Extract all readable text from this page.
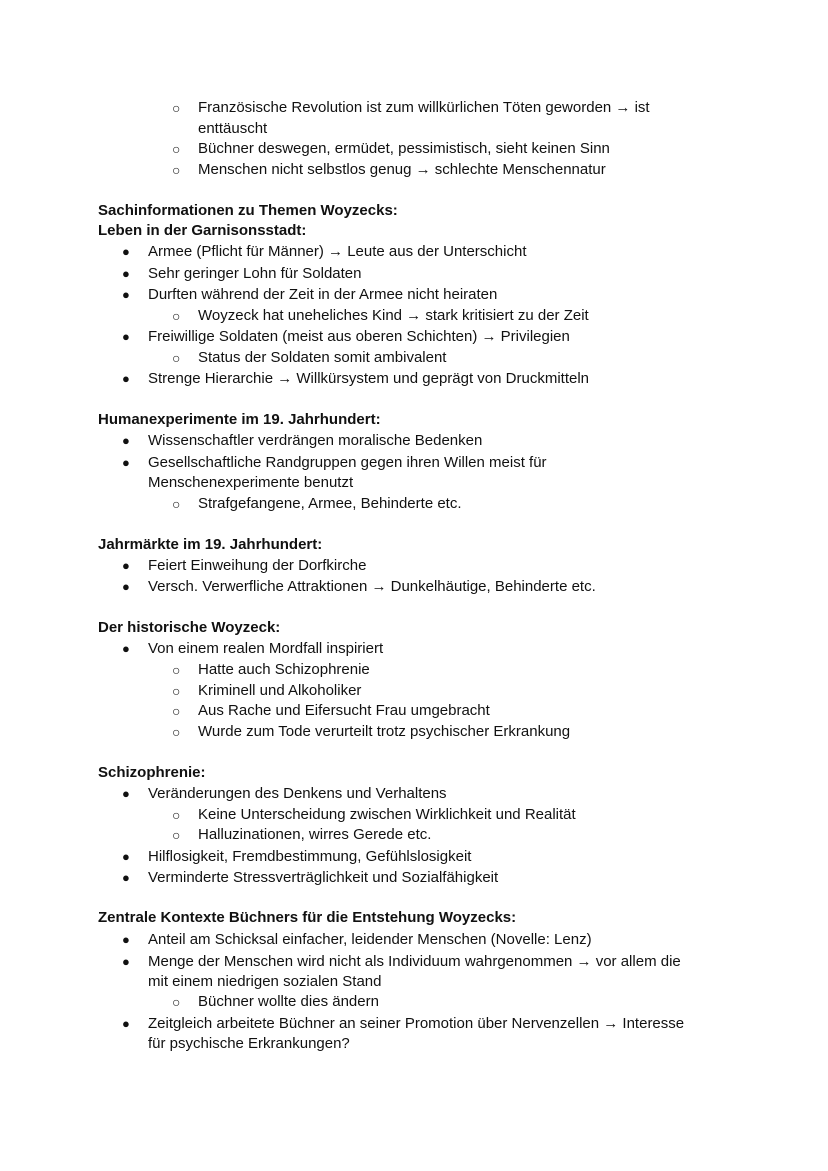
○ Französische Revolution ist zum willkürlichen Töten geworden → ist
enttäuscht
○ Büchner deswegen, ermüdet, pessimistisch, sieht keinen Sinn
○ Menschen nicht selbstlos genug → schlechte Menschennatur
Sachinformationen zu Themen Woyzecks:
Leben in der Garnisonsstadt:
● Armee (Pflicht für Männer) → Leute aus der Unterschicht
● Sehr geringer Lohn für Soldaten
● Durften während der Zeit in der Armee nicht heiraten
○ Woyzeck hat uneheliches Kind → stark kritisiert zu der Zeit
● Freiwillige Soldaten (meist aus oberen Schichten) → Privilegien
○ Status der Soldaten somit ambivalent
● Strenge Hierarchie → Willkürsystem und geprägt von Druckmitteln
Humanexperimente im 19. Jahrhundert:
● Wissenschaftler verdrängen moralische Bedenken
● Gesellschaftliche Randgruppen gegen ihren Willen meist für
Menschenexperimente benutzt
○ Strafgefangene, Armee, Behinderte etc.
Jahrmärkte im 19. Jahrhundert:
● Feiert Einweihung der Dorfkirche
● Versch. Verwerfliche Attraktionen → Dunkelhäutige, Behinderte etc.
Der historische Woyzeck:
● Von einem realen Mordfall inspiriert
○ Hatte auch Schizophrenie
○ Kriminell und Alkoholiker
○ Aus Rache und Eifersucht Frau umgebracht
○ Wurde zum Tode verurteilt trotz psychischer Erkrankung
Schizophrenie:
● Veränderungen des Denkens und Verhaltens
○ Keine Unterscheidung zwischen Wirklichkeit und Realität
○ Halluzinationen, wirres Gerede etc.
● Hilflosigkeit, Fremdbestimmung, Gefühlslosigkeit
● Verminderte Stressverträglichkeit und Sozialfähigkeit
Zentrale Kontexte Büchners für die Entstehung Woyzecks:
● Anteil am Schicksal einfacher, leidender Menschen (Novelle: Lenz)
● Menge der Menschen wird nicht als Individuum wahrgenommen → vor allem die
mit einem niedrigen sozialen Stand
○ Büchner wollte dies ändern
● Zeitgleich arbeitete Büchner an seiner Promotion über Nervenzellen → Interesse
für psychische Erkrankungen?
